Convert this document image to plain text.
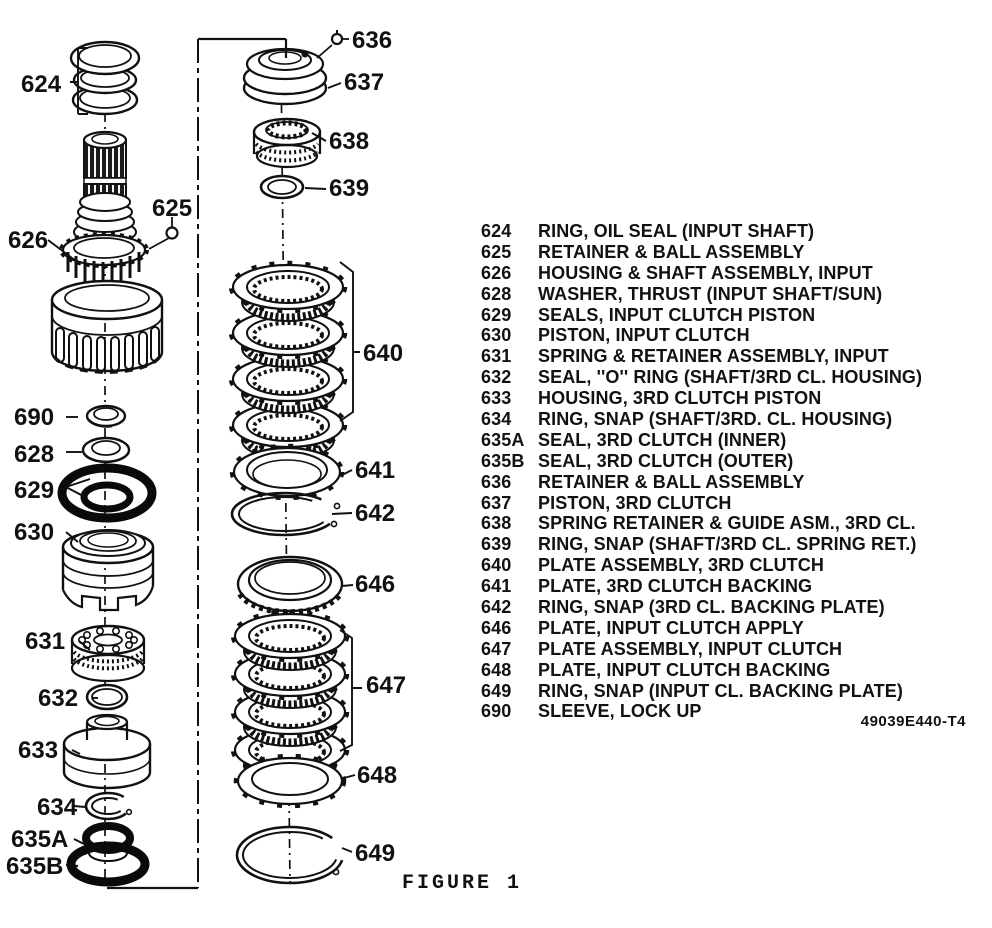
624
626
625
690
628
629
630
631
632
633
634
635A
635B
636
637
638
639
640
641
642
646
647
648
649
624	RING, OIL SEAL (INPUT SHAFT)
625	RETAINER & BALL ASSEMBLY
626	HOUSING & SHAFT ASSEMBLY, INPUT
628	WASHER, THRUST (INPUT SHAFT/SUN)
629	SEALS, INPUT CLUTCH PISTON
630	PISTON, INPUT CLUTCH
631	SPRING & RETAINER ASSEMBLY, INPUT
632	SEAL, ''O'' RING (SHAFT/3RD CL. HOUSING)
633	HOUSING, 3RD CLUTCH PISTON
634	RING, SNAP (SHAFT/3RD. CL. HOUSING)
635A SEAL, 3RD CLUTCH (INNER)
635B SEAL, 3RD CLUTCH (OUTER)
636	RETAINER & BALL ASSEMBLY
637	PISTON, 3RD CLUTCH
638	SPRING RETAINER & GUIDE ASM., 3RD CL.
639	RING, SNAP (SHAFT/3RD CL. SPRING RET.)
640	PLATE ASSEMBLY, 3RD CLUTCH
641	PLATE, 3RD CLUTCH BACKING
642	RING, SNAP (3RD CL. BACKING PLATE)
646	PLATE, INPUT CLUTCH APPLY
647	PLATE ASSEMBLY, INPUT CLUTCH
648	PLATE, INPUT CLUTCH BACKING
649	RING, SNAP (INPUT CL. BACKING PLATE)
690	SLEEVE, LOCK UP
49039E440-T4
FIGURE 1
